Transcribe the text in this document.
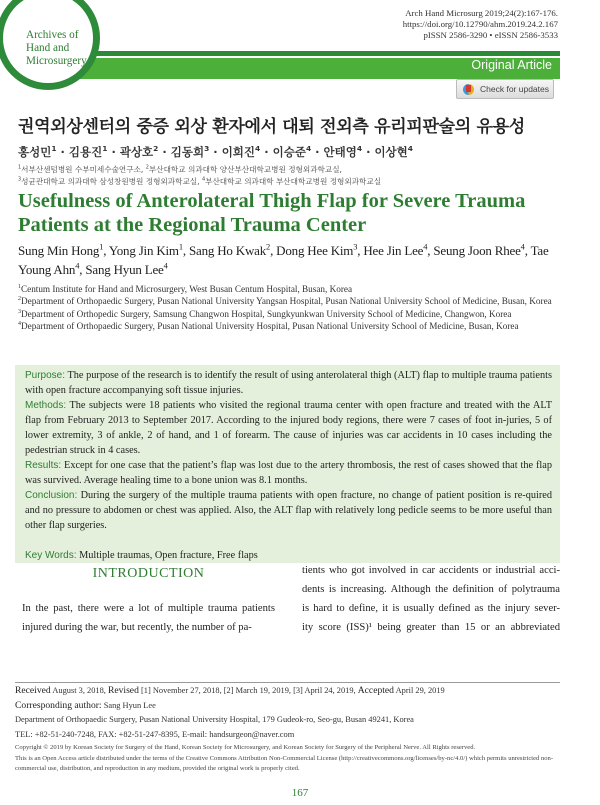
Archives of
Hand and
Microsurgery	Original Article
Arch Hand Microsurg 2019;24(2):167-176.
https://doi.org/10.12790/ahm.2019.24.2.167
pISSN 2586-3290 • eISSN 2586-3533
Check for updates
권역외상센터의 중증 외상 환자에서 대퇴 전외측 유리피판술의 유용성
홍성민$^1$ · 김용진$^1$ · 곽상호$^2$ · 김동희$^3$ · 이희진$^4$ · 이승준$^4$ · 안태영$^4$ · 이상현$^4$
$^1$서부산센텀병원 수부미세수술연구소, $^2$부산대학교 의과대학 양산부산대학교병원 정형외과학교실,
$^3$성균관대학교 의과대학 삼성창원병원 정형외과학교실, $^4$부산대학교 의과대학 부산대학교병원 정형외과학교실
Usefulness of Anterolateral Thigh Flap for Severe Trauma Patients at the Regional Trauma Center
Sung Min Hong$^1$, Yong Jin Kim$^1$, Sang Ho Kwak$^2$, Dong Hee Kim$^3$, Hee Jin Lee$^4$, Seung Joon Rhee$^4$, Tae Young Ahn$^4$, Sang Hyun Lee$^4$
$^1$Centum Institute for Hand and Microsurgery, West Busan Centum Hospital, Busan, Korea
$^2$Department of Orthopaedic Surgery, Pusan National University Yangsan Hospital, Pusan National University School of Medicine, Busan, Korea
$^3$Department of Orthopedic Surgery, Samsung Changwon Hospital, Sungkyunkwan University School of Medicine, Changwon, Korea
$^4$Department of Orthopaedic Surgery, Pusan National University Hospital, Pusan National University School of Medicine, Busan, Korea
Purpose: The purpose of the research is to identify the result of using anterolateral thigh (ALT) flap to multiple trauma patients with open fracture accompanying soft tissue injuries.
Methods: The subjects were 18 patients who visited the regional trauma center with open fracture and treated with the ALT flap from February 2013 to September 2017. According to the injured body regions, there were 7 cases of foot in-juries, 5 of lower extremity, 3 of ankle, 2 of hand, and 1 of forearm. The cause of injuries was car accidents in 10 cases including the pedestrian struck in 4 cases.
Results: Except for one case that the patient’s flap was lost due to the artery thrombosis, the rest of cases showed that the flap was survived. Average healing time to a bone union was 8.1 months.
Conclusion: During the surgery of the multiple trauma patients with open fracture, no change of patient position is re-quired and no pressure to abdomen or chest was applied. Also, the ALT flap with relatively long pedicle seems to be more useful than other flap surgeries.
Key Words: Multiple traumas, Open fracture, Free flaps
INTRODUCTION
In the past, there were a lot of multiple trauma patients
injured during the war, but recently, the number of pa-
tients who got involved in car accidents or industrial acci-
dents is increasing. Although the definition of polytrauma
is hard to define, it is usually defined as the injury sever-
ity score (ISS)¹ being greater than 15 or an abbreviated
Received August 3, 2018, Revised [1] November 27, 2018, [2] March 19, 2019, [3] April 24, 2019, Accepted April 29, 2019
Corresponding author: Sang Hyun Lee
Department of Orthopaedic Surgery, Pusan National University Hospital, 179 Gudeok-ro, Seo-gu, Busan 49241, Korea
TEL: +82-51-240-7248, FAX: +82-51-247-8395, E-mail: handsurgeon@naver.com
Copyright © 2019 by Korean Society for Surgery of the Hand, Korean Society for Microsurgery, and Korean Society for Surgery of the Peripheral Nerve. All Rights reserved.
This is an Open Access article distributed under the terms of the Creative Commons Attribution Non-Commercial License (http://creativecommons.org/licenses/by-nc/4.0/) which permits unrestricted non-commercial use, distribution, and reproduction in any medium, provided the original work is properly cited.
167
